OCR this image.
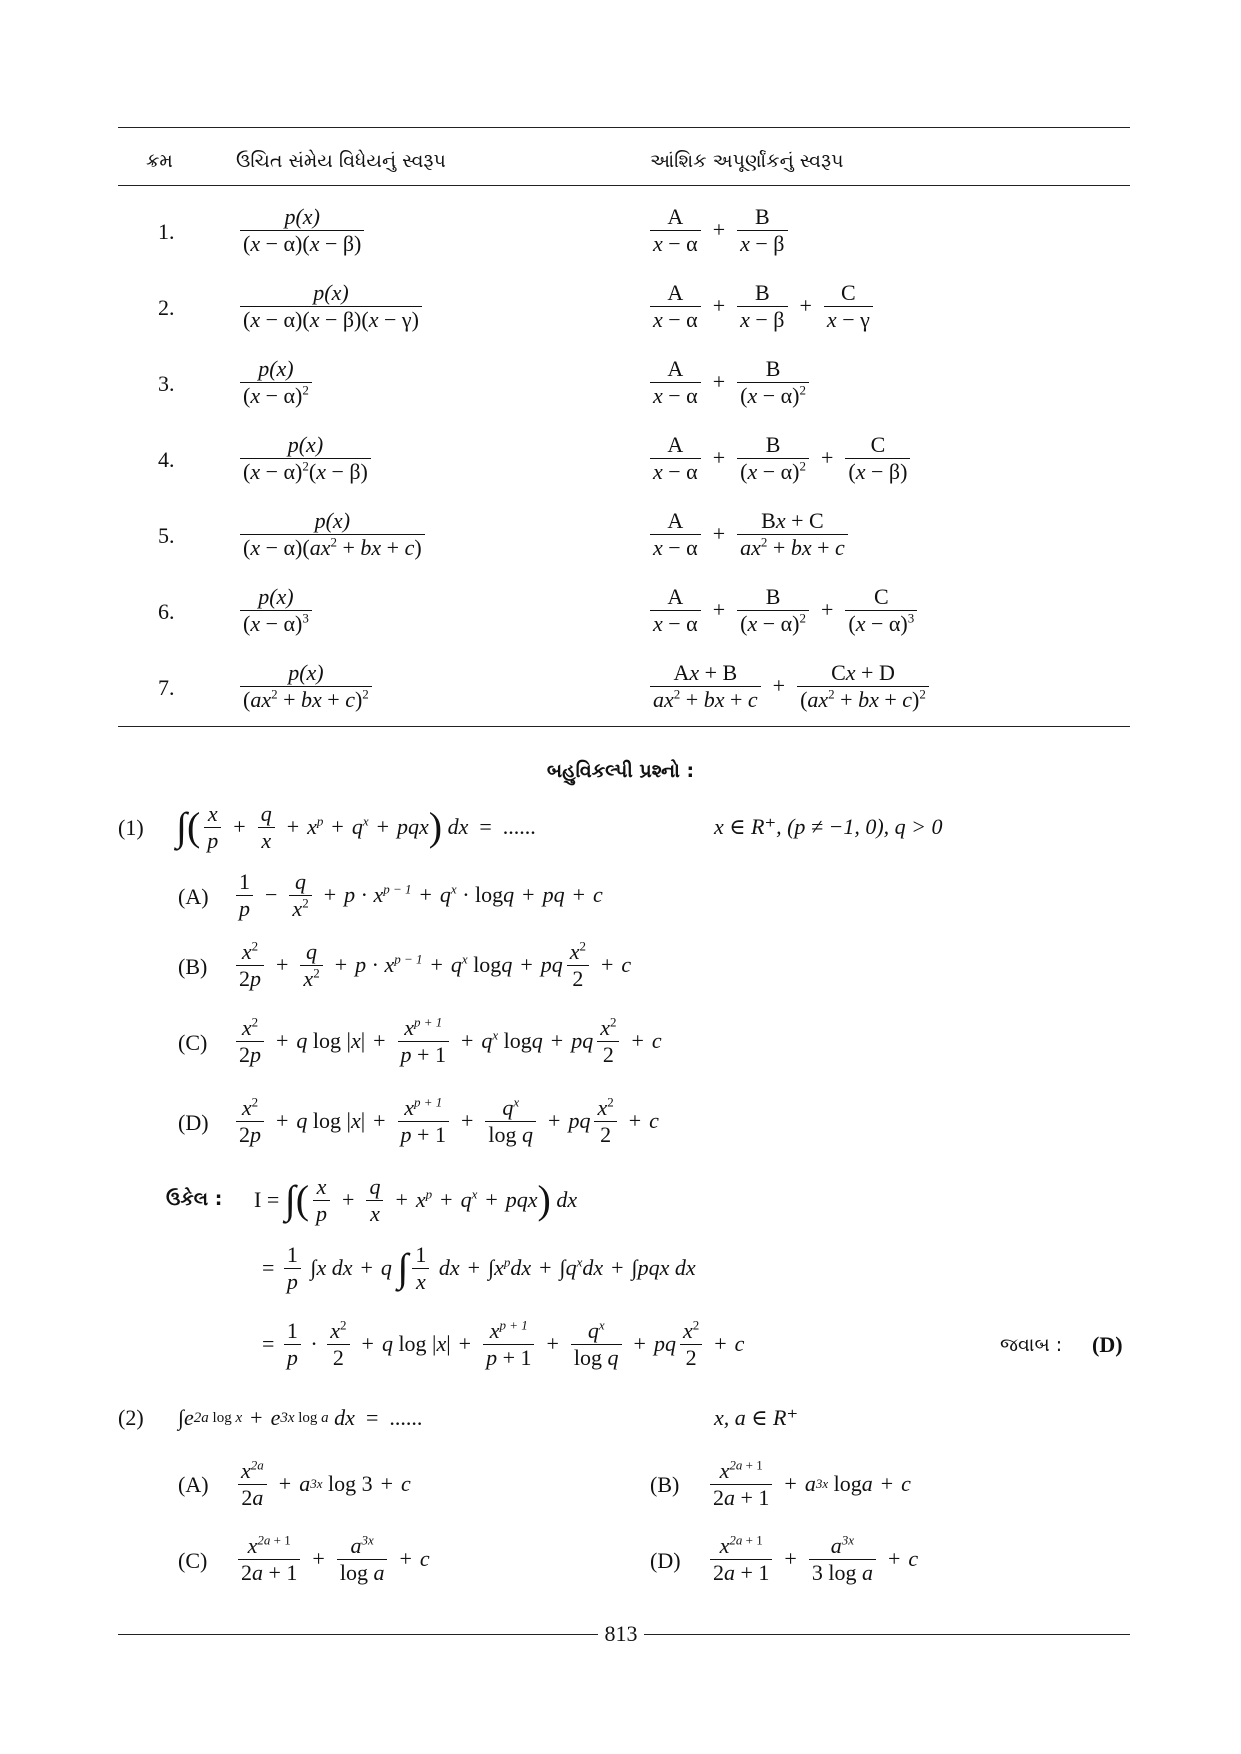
ક્રમ	ઉચિત સંમેય વિધેયનું સ્વરૂપ	આંશિક અપૂર્ણાંકનું સ્વરૂપ
1.	$\frac{p(x)}{(x - \alpha)(x - \beta)}$	$\frac{A}{x - \alpha} + \frac{B}{x - \beta}$
2.	$\frac{p(x)}{(x - \alpha)(x - \beta)(x - \gamma)}$	$\frac{A}{x - \alpha} + \frac{B}{x - \beta} + \frac{C}{x - \gamma}$
3.	$\frac{p(x)}{(x - \alpha)^2}$	$\frac{A}{x - \alpha} + \frac{B}{(x - \alpha)^2}$
4.	$\frac{p(x)}{(x - \alpha)^2(x - \beta)}$	$\frac{A}{x - \alpha} + \frac{B}{(x - \alpha)^2} + \frac{C}{(x - \beta)}$
5.	$\frac{p(x)}{(x - \alpha)(ax^2 + bx + c)}$	$\frac{A}{x - \alpha} + \frac{Bx + C}{ax^2 + bx + c}$
6.	$\frac{p(x)}{(x - \alpha)^3}$	$\frac{A}{x - \alpha} + \frac{B}{(x - \alpha)^2} + \frac{C}{(x - \alpha)^3}$
7.	$\frac{p(x)}{(ax^2 + bx + c)^2}$	$\frac{Ax + B}{ax^2 + bx + c} + \frac{Cx + D}{(ax^2 + bx + c)^2}$
બહુવિકલ્પી પ્રશ્નો :
(1) ∫ ( $\frac{x}{p} + \frac{q}{x} + x^p + q^x$ + pqx )
dx =  ......	x ∈ R⁺, (p ≠ −1, 0), q > 0
$(A) \frac{1}{p} - \frac{q}{x^2} + p \cdot x^{p - 1} + q^x \cdot \log q$ + pq + c
$(B) \frac{x^2}{2p} + \frac{q}{x^2} + p \cdot x^{p - 1} + q^x$ log q + pq $\frac{x^2}{2} + c$
$(C) \frac{x^2}{2p} + q$ log | x | + $\frac{x^{p + 1}}{p + 1} + q^x$ log q + pq $\frac{x^2}{2} + c$
$(D) \frac{x^2}{2p} + q$ log | x | + $\frac{x^{p + 1}}{p + 1} + \frac{q^x}{\text{log q}}$ + pq $\frac{x^2}{2} + c$
ઉકેલ : I = ∫ ( $\frac{x}{p} + \frac{q}{x} + x^p + q^x$ + pqx )
dx
= $\frac{1}{p}$ ∫ x dx + q
∫ $\frac{1}{x}$
dx + ∫ $x^p$ dx + ∫ $q^x$ dx + ∫ pqx dx
= $\frac{1}{p} \cdot \frac{x^2}{2} + q$ log | x | + $\frac{x^{p + 1}}{p + 1} + \frac{q^x}{\text{log q}}$ + pq $\frac{x^2}{2} + c$	જવાબ : (D)
(2) ∫ e 2a log x + e 3x log a
dx =  ......	x, a ∈ R⁺
$(A) \frac{x^{2a}}{2a} + a$ 3x log 3 + c	$(B) \frac{x^{2a + 1}}{2a + 1} + a$ 3x log a + c
$(C) \frac{x^{2a + 1}}{2a + 1} + \frac{a^{3x}}{\text{log a}} + c$	$(D) \frac{x^{2a + 1}}{2a + 1} + \frac{a^{3x}}{\text{3 log a}} + c$
813
